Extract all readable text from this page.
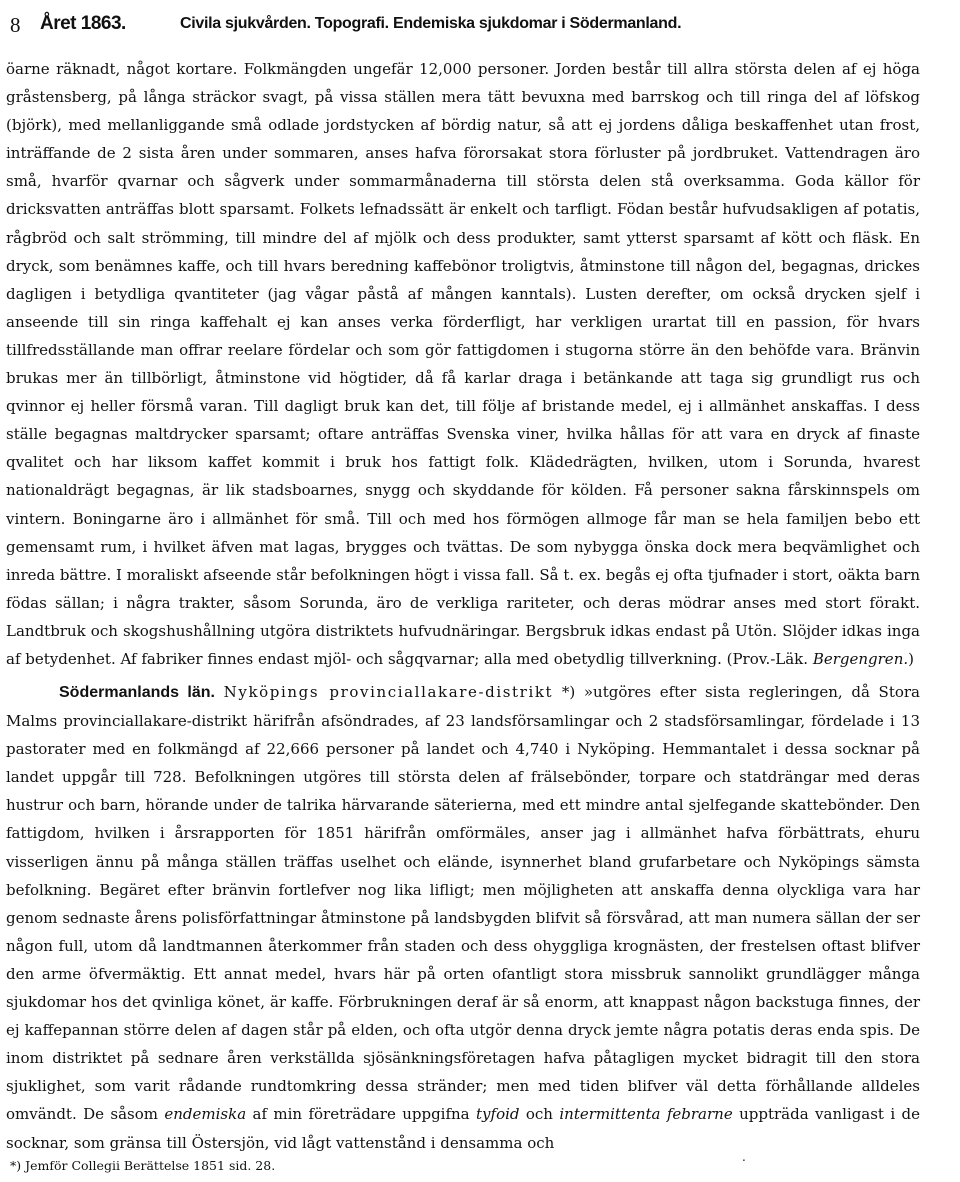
8 Året 1863.	Civila sjukvården. Topografi. Endemiska sjukdomar i Södermanland.

öarne räknadt, något kortare. Folkmängden ungefär 12,000 personer. Jorden består till allra största delen af ej höga gråstensberg, på långa sträckor svagt, på vissa ställen mera tätt bevuxna med barrskog och till ringa del af löfskog (björk), med mellanliggande små odlade jordstycken af bördig natur, så att ej jordens dåliga beskaffenhet utan frost, inträffande de 2 sista åren under sommaren, anses hafva förorsakat stora förluster på jordbruket. Vattendragen äro små, hvarför qvarnar och sågverk under sommarmånaderna till största delen stå overksamma. Goda källor för dricksvatten anträffas blott sparsamt. Folkets lefnadssätt är enkelt och tarfligt. Födan består hufvudsakligen af potatis, rågbröd och salt strömming, till mindre del af mjölk och dess produkter, samt ytterst sparsamt af kött och fläsk. En dryck, som benämnes kaffe, och till hvars beredning kaffebönor troligtvis, åtminstone till någon del, begagnas, drickes dagligen i betydliga qvantiteter (jag vågar påstå af mången kanntals). Lusten derefter, om också drycken sjelf i anseende till sin ringa kaffehalt ej kan anses verka förderfligt, har verkligen urartat till en passion, för hvars tillfredsställande man offrar reelare fördelar och som gör fattigdomen i stugorna större än den behöfde vara. Bränvin brukas mer än tillbörligt, åtminstone vid högtider, då få karlar draga i betänkande att taga sig grundligt rus och qvinnor ej heller försmå varan. Till dagligt bruk kan det, till följe af bristande medel, ej i allmänhet anskaffas. I dess ställe begagnas maltdrycker sparsamt; oftare anträffas Svenska viner, hvilka hållas för att vara en dryck af finaste qvalitet och har liksom kaffet kommit i bruk hos fattigt folk. Klädedrägten, hvilken, utom i Sorunda, hvarest nationaldrägt begagnas, är lik stadsboarnes, snygg och skyddande för kölden. Få personer sakna fårskinnspels om vintern. Boningarne äro i allmänhet för små. Till och med hos förmögen allmoge får man se hela familjen bebo ett gemensamt rum, i hvilket äfven mat lagas, brygges och tvättas. De som nybygga önska dock mera beqvämlighet och inreda bättre. I moraliskt afseende står befolkningen högt i vissa fall. Så t. ex. begås ej ofta tjufnader i stort, oäkta barn födas sällan; i några trakter, såsom Sorunda, äro de verkliga rariteter, och deras mödrar anses med stort förakt. Landtbruk och skogshushållning utgöra distriktets hufvudnäringar. Bergsbruk idkas endast på Utön. Slöjder idkas inga af betydenhet. Af fabriker finnes endast mjöl- och sågqvarnar; alla med obetydlig tillverkning. (Prov.-Läk. Bergengren.)

Södermanlands län. Nyköpings provinciallakare-distrikt *) »utgöres efter sista regleringen, då Stora Malms provinciallakare-distrikt härifrån afsöndrades, af 23 landsförsamlingar och 2 stadsförsamlingar, fördelade i 13 pastorater med en folkmängd af 22,666 personer på landet och 4,740 i Nyköping. Hemmantalet i dessa socknar på landet uppgår till 728. Befolkningen utgöres till största delen af frälsebönder, torpare och statdrängar med deras hustrur och barn, hörande under de talrika härvarande säterierna, med ett mindre antal sjelfegande skattebönder. Den fattigdom, hvilken i årsrapporten för 1851 härifrån omförmäles, anser jag i allmänhet hafva förbättrats, ehuru visserligen ännu på många ställen träffas uselhet och elände, isynnerhet bland grufarbetare och Nyköpings sämsta befolkning. Begäret efter bränvin fortlefver nog lika lifligt; men möjligheten att anskaffa denna olyckliga vara har genom sednaste årens polisförfattningar åtminstone på landsbygden blifvit så försvårad, att man numera sällan der ser någon full, utom då landtmannen återkommer från staden och dess ohyggliga krognästen, der frestelsen oftast blifver den arme öfvermäktig. Ett annat medel, hvars här på orten ofantligt stora missbruk sannolikt grundlägger många sjukdomar hos det qvinliga könet, är kaffe. Förbrukningen deraf är så enorm, att knappast någon backstuga finnes, der ej kaffepannan större delen af dagen står på elden, och ofta utgör denna dryck jemte några potatis deras enda spis. De inom distriktet på sednare åren verkställda sjösänkningsföretagen hafva påtagligen mycket bidragit till den stora sjuklighet, som varit rådande rundtomkring dessa stränder; men med tiden blifver väl detta förhållande alldeles omvändt. De såsom endemiska af min företrädare uppgifna tyfoid och intermittenta febrarne uppträda vanligast i de socknar, som gränsa till Östersjön, vid lågt vattenstånd i densamma och

*) Jemför Collegii Berättelse 1851 sid. 28.
.
